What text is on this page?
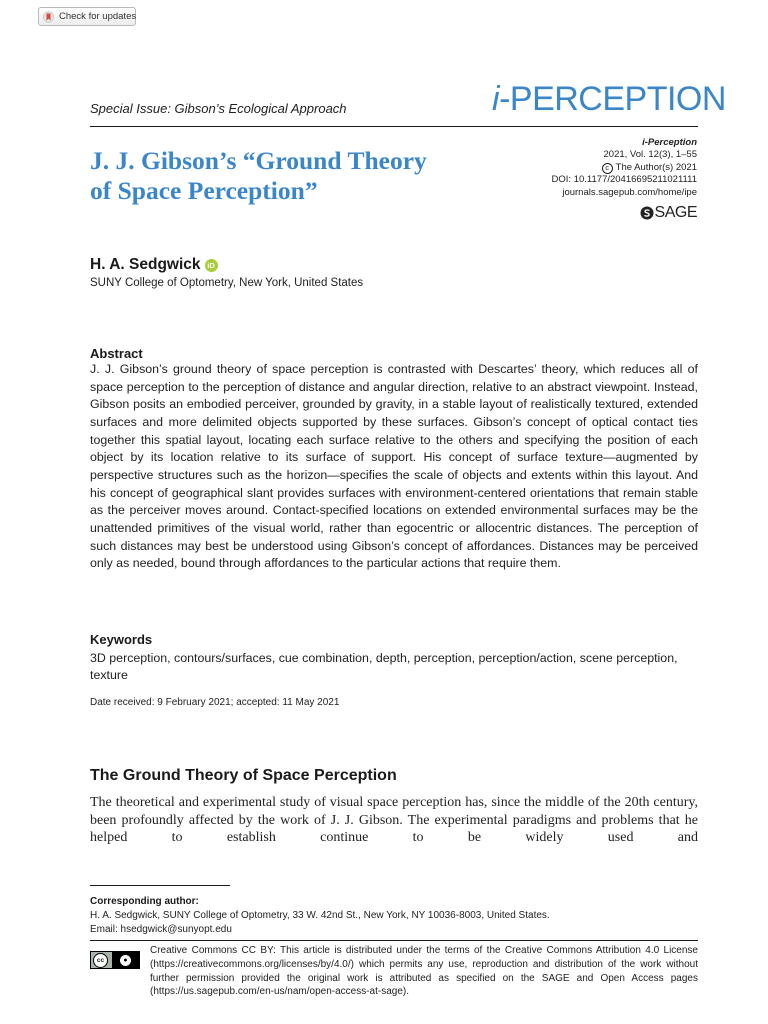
Check for updates
Special Issue: Gibson’s Ecological Approach	i-PERCEPTION
J. J. Gibson’s “Ground Theory
of Space Perception”
i-Perception
2021, Vol. 12(3), 1–55
c The Author(s) 2021
DOI: 10.1177/20416695211021111
journals.sagepub.com/home/ipe
SAGE
H. A. Sedgwick iD
SUNY College of Optometry, New York, United States
Abstract
J. J. Gibson’s ground theory of space perception is contrasted with Descartes’ theory, which reduces all of space perception to the perception of distance and angular direction, relative to an abstract viewpoint. Instead, Gibson posits an embodied perceiver, grounded by gravity, in a stable layout of realistically textured, extended surfaces and more delimited objects supported by these surfaces. Gibson’s concept of optical contact ties together this spatial layout, locating each surface relative to the others and specifying the position of each object by its location relative to its surface of support. His concept of surface texture—augmented by perspective structures such as the horizon—specifies the scale of objects and extents within this layout. And his concept of geographical slant provides surfaces with environment-centered orientations that remain stable as the perceiver moves around. Contact-specified locations on extended environmental surfaces may be the unattended primitives of the visual world, rather than egocentric or allocentric distances. The perception of such distances may best be understood using Gibson’s concept of affordances. Distances may be perceived only as needed, bound through affordances to the particular actions that require them.
Keywords
3D perception, contours/surfaces, cue combination, depth, perception, perception/action, scene perception, texture
Date received: 9 February 2021; accepted: 11 May 2021
The Ground Theory of Space Perception
The theoretical and experimental study of visual space perception has, since the middle of the 20th century, been profoundly affected by the work of J. J. Gibson. The experimental paradigms and problems that he helped to establish continue to be widely used and
Corresponding author:
H. A. Sedgwick, SUNY College of Optometry, 33 W. 42nd St., New York, NY 10036-8003, United States.
Email: hsedgwick@sunyopt.edu
cc	●
Creative Commons CC BY: This article is distributed under the terms of the Creative Commons Attribution 4.0 License (https://creativecommons.org/licenses/by/4.0/) which permits any use, reproduction and distribution of the work without further permission provided the original work is attributed as specified on the SAGE and Open Access pages (https://us.sagepub.com/en-us/nam/open-access-at-sage).
